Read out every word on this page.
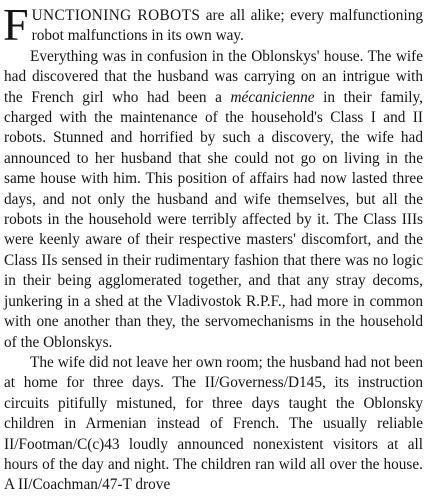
FUNCTIONING ROBOTS are all alike; every malfunctioning robot malfunctions in its own way.

Everything was in confusion in the Oblonskys' house. The wife had discovered that the husband was carrying on an intrigue with the French girl who had been a mécanicienne in their family, charged with the maintenance of the household's Class I and II robots. Stunned and horrified by such a discovery, the wife had announced to her husband that she could not go on living in the same house with him. This position of affairs had now lasted three days, and not only the husband and wife themselves, but all the robots in the household were terribly affected by it. The Class IIIs were keenly aware of their respective masters' discomfort, and the Class IIs sensed in their rudimentary fashion that there was no logic in their being agglomerated together, and that any stray decoms, junkering in a shed at the Vladivostok R.P.F., had more in common with one another than they, the servomechanisms in the household of the Oblonskys.

The wife did not leave her own room; the husband had not been at home for three days. The II/Governess/D145, its instruction circuits pitifully mistuned, for three days taught the Oblonsky children in Armenian instead of French. The usually reliable II/Footman/C(c)43 loudly announced nonexistent visitors at all hours of the day and night. The children ran wild all over the house. A II/Coachman/47-T drove
